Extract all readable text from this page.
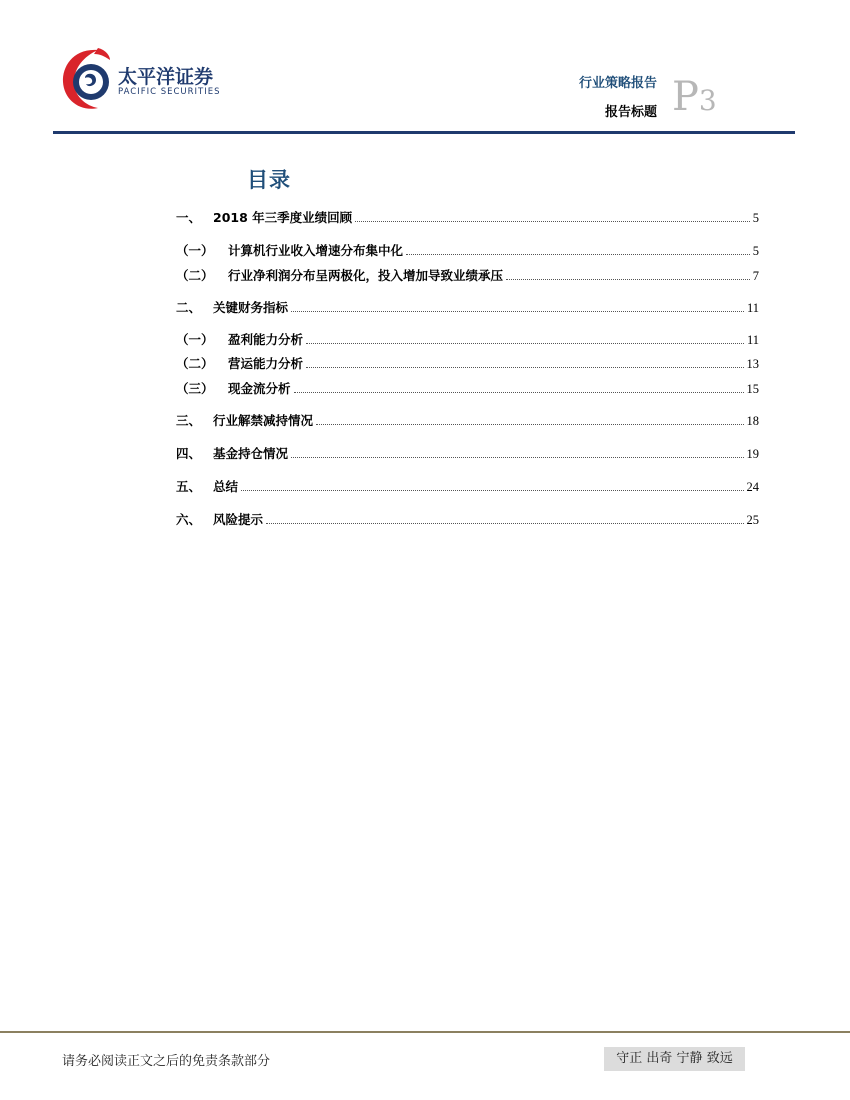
太平洋证券
PACIFIC SECURITIES
行业策略报告
报告标题 P3
目录
一、 2018 年三季度业绩回顾	5
（一）	计算机行业收入增速分布集中化	5
（二）	行业净利润分布呈两极化，投入增加导致业绩承压	7
二、 关键财务指标	11
（一）	盈利能力分析	11
（二）	营运能力分析	13
（三）	现金流分析	15
三、 行业解禁减持情况	18
四、 基金持仓情况	19
五、 总结	24
六、 风险提示	25
请务必阅读正文之后的免责条款部分	守正 出奇 宁静 致远
